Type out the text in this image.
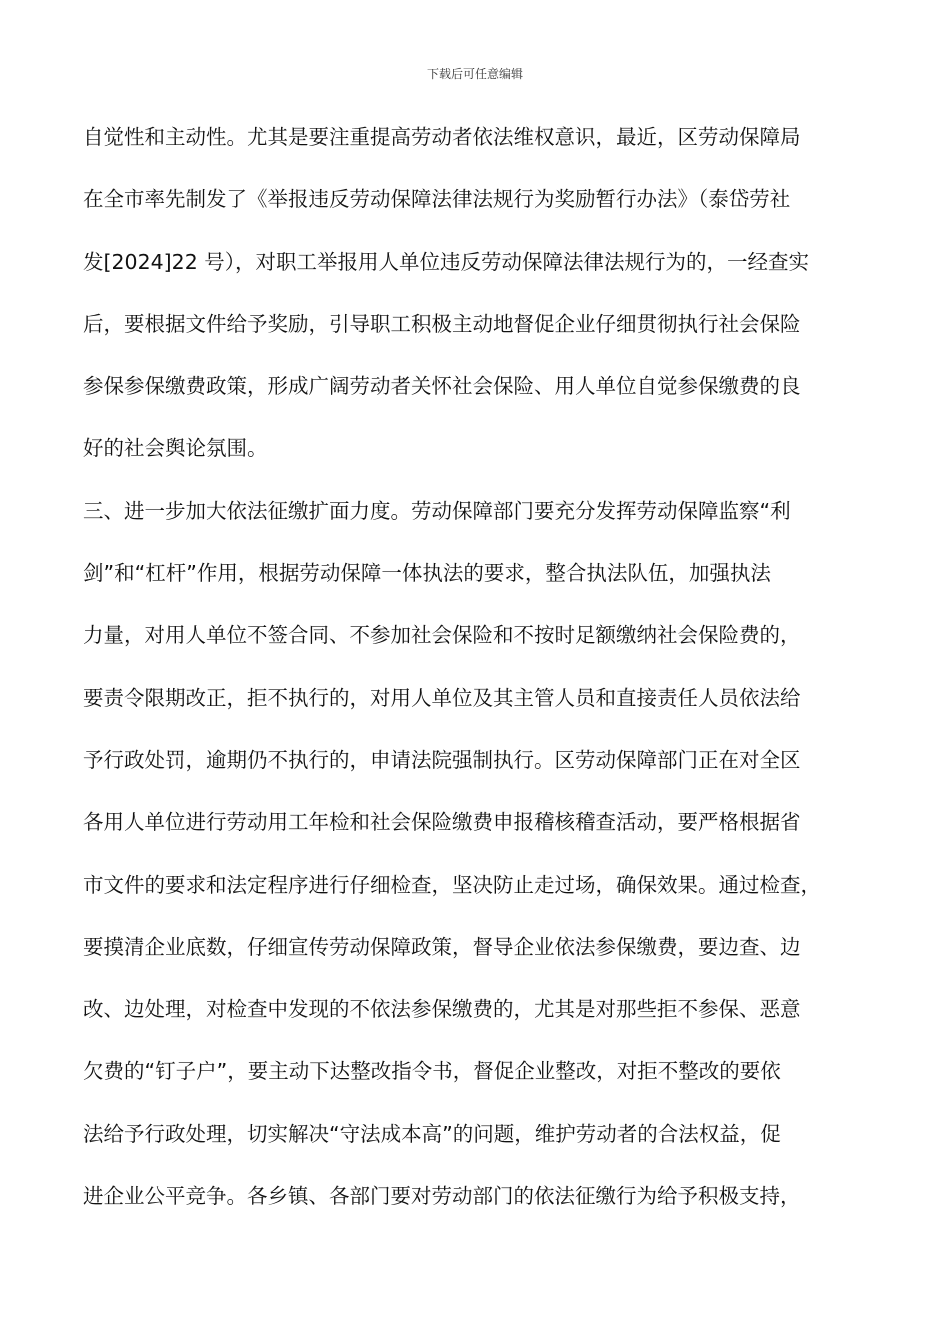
下载后可任意编辑
自觉性和主动性。尤其是要注重提高劳动者依法维权意识，最近，区劳动保障局
在全市率先制发了《举报违反劳动保障法律法规行为奖励暂行办法》（泰岱劳社
发[2024]22 号），对职工举报用人单位违反劳动保障法律法规行为的，一经查实
后，要根据文件给予奖励，引导职工积极主动地督促企业仔细贯彻执行社会保险
参保参保缴费政策，形成广阔劳动者关怀社会保险、用人单位自觉参保缴费的良
好的社会舆论氛围。
三、进一步加大依法征缴扩面力度。劳动保障部门要充分发挥劳动保障监察“利
剑”和“杠杆”作用，根据劳动保障一体执法的要求，整合执法队伍，加强执法
力量，对用人单位不签合同、不参加社会保险和不按时足额缴纳社会保险费的，
要责令限期改正，拒不执行的，对用人单位及其主管人员和直接责任人员依法给
予行政处罚，逾期仍不执行的，申请法院强制执行。区劳动保障部门正在对全区
各用人单位进行劳动用工年检和社会保险缴费申报稽核稽查活动，要严格根据省
市文件的要求和法定程序进行仔细检查，坚决防止走过场，确保效果。通过检查，
要摸清企业底数，仔细宣传劳动保障政策，督导企业依法参保缴费，要边查、边
改、边处理，对检查中发现的不依法参保缴费的，尤其是对那些拒不参保、恶意
欠费的“钉子户”，要主动下达整改指令书，督促企业整改，对拒不整改的要依
法给予行政处理，切实解决“守法成本高”的问题，维护劳动者的合法权益，促
进企业公平竞争。各乡镇、各部门要对劳动部门的依法征缴行为给予积极支持，
